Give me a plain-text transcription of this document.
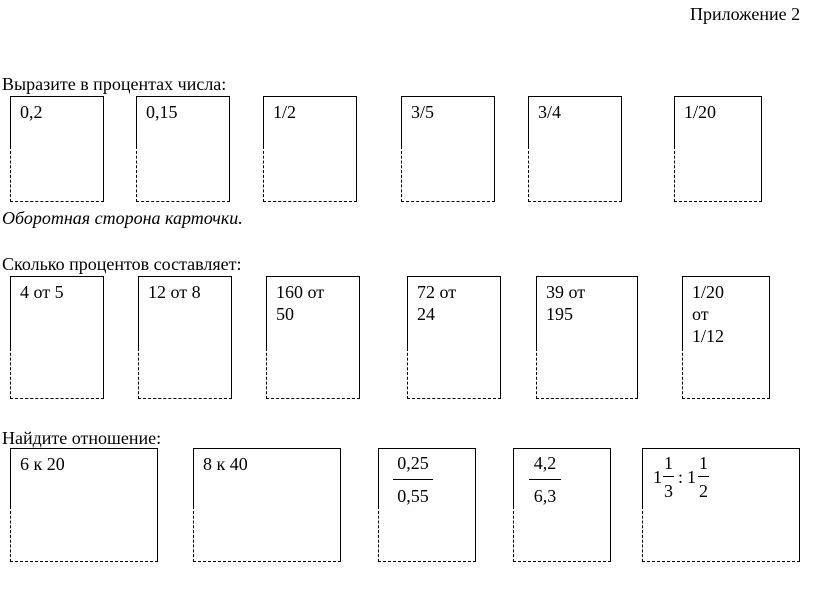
Приложение 2
Выразите в процентах числа:
0,2	0,15	1/2	3/5	3/4	1/20
Оборотная сторона карточки.
Сколько процентов составляет:
4 от 5	12 от 8	160 от
50
72 от
24
39 от
195
1/20
от
1/12
Найдите отношение:
6 к 20	8 к 40	0,25
0,55
4,2
6,3
1
1
3
: 1
1
2
